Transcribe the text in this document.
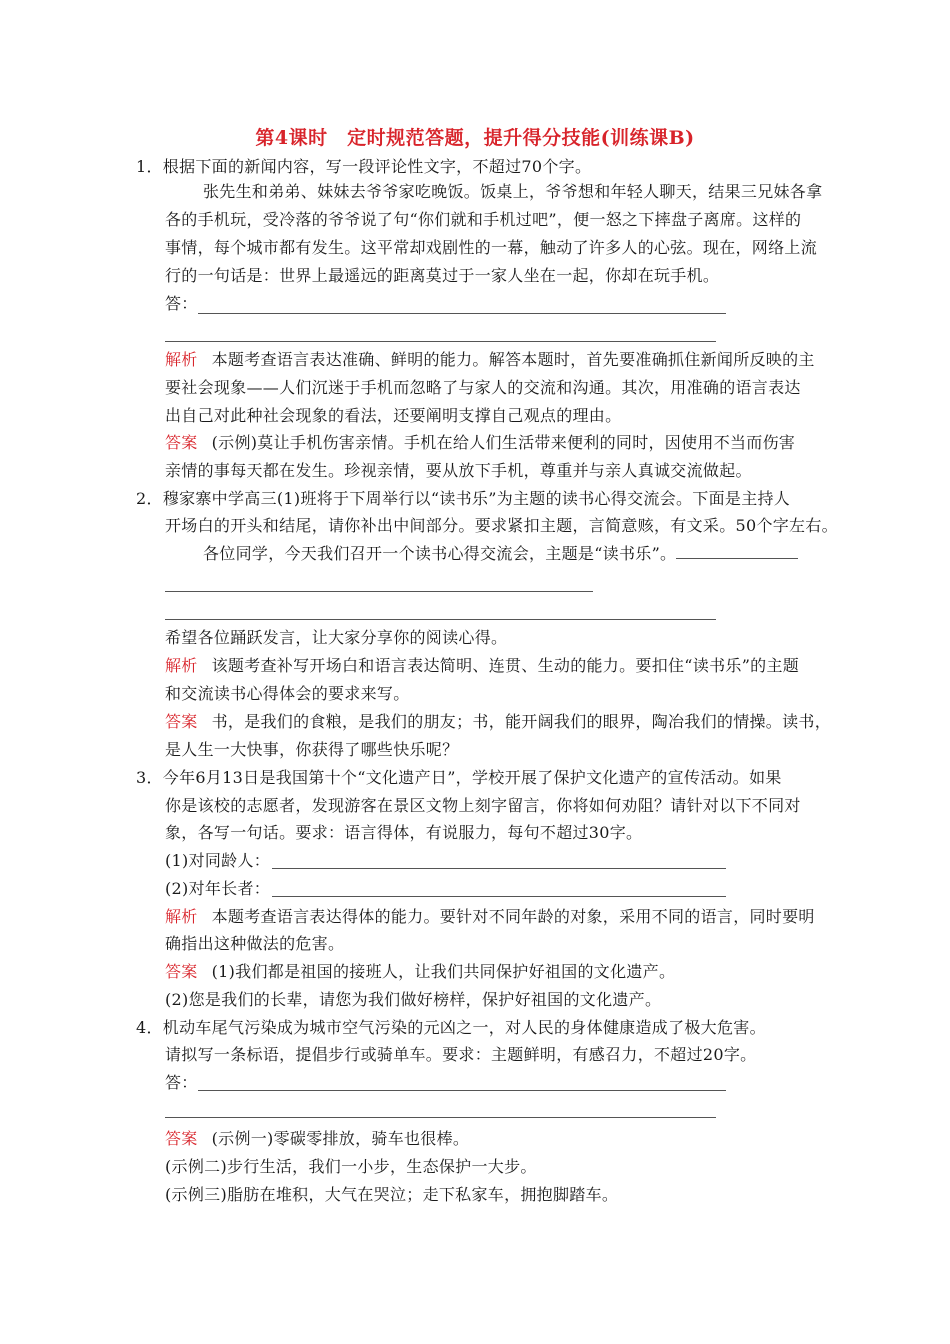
第4课时　定时规范答题，提升得分技能(训练课B)
1．根据下面的新闻内容，写一段评论性文字，不超过70个字。
张先生和弟弟、妹妹去爷爷家吃晚饭。饭桌上，爷爷想和年轻人聊天，结果三兄妹各拿
各的手机玩，受冷落的爷爷说了句“你们就和手机过吧”，便一怒之下摔盘子离席。这样的
事情，每个城市都有发生。这平常却戏剧性的一幕，触动了许多人的心弦。现在，网络上流
行的一句话是：世界上最遥远的距离莫过于一家人坐在一起，你却在玩手机。
答：
解析 本题考查语言表达准确、鲜明的能力。解答本题时，首先要准确抓住新闻所反映的主
要社会现象——人们沉迷于手机而忽略了与家人的交流和沟通。其次，用准确的语言表达
出自己对此种社会现象的看法，还要阐明支撑自己观点的理由。
答案 (示例)莫让手机伤害亲情。手机在给人们生活带来便利的同时，因使用不当而伤害
亲情的事每天都在发生。珍视亲情，要从放下手机，尊重并与亲人真诚交流做起。
2．穆家寨中学高三(1)班将于下周举行以“读书乐”为主题的读书心得交流会。下面是主持人
开场白的开头和结尾，请你补出中间部分。要求紧扣主题，言简意赅，有文采。50个字左右。
各位同学，今天我们召开一个读书心得交流会，主题是“读书乐”。
希望各位踊跃发言，让大家分享你的阅读心得。
解析 该题考查补写开场白和语言表达简明、连贯、生动的能力。要扣住“读书乐”的主题
和交流读书心得体会的要求来写。
答案 书，是我们的食粮，是我们的朋友；书，能开阔我们的眼界，陶冶我们的情操。读书，
是人生一大快事，你获得了哪些快乐呢？
3．今年6月13日是我国第十个“文化遗产日”，学校开展了保护文化遗产的宣传活动。如果
你是该校的志愿者，发现游客在景区文物上刻字留言，你将如何劝阻？请针对以下不同对
象，各写一句话。要求：语言得体，有说服力，每句不超过30字。
(1)对同龄人：
(2)对年长者：
解析 本题考查语言表达得体的能力。要针对不同年龄的对象，采用不同的语言，同时要明
确指出这种做法的危害。
答案 (1)我们都是祖国的接班人，让我们共同保护好祖国的文化遗产。
(2)您是我们的长辈，请您为我们做好榜样，保护好祖国的文化遗产。
4．机动车尾气污染成为城市空气污染的元凶之一，对人民的身体健康造成了极大危害。
请拟写一条标语，提倡步行或骑单车。要求：主题鲜明，有感召力，不超过20字。
答：
答案 (示例一)零碳零排放，骑车也很棒。
(示例二)步行生活，我们一小步，生态保护一大步。
(示例三)脂肪在堆积，大气在哭泣；走下私家车，拥抱脚踏车。
